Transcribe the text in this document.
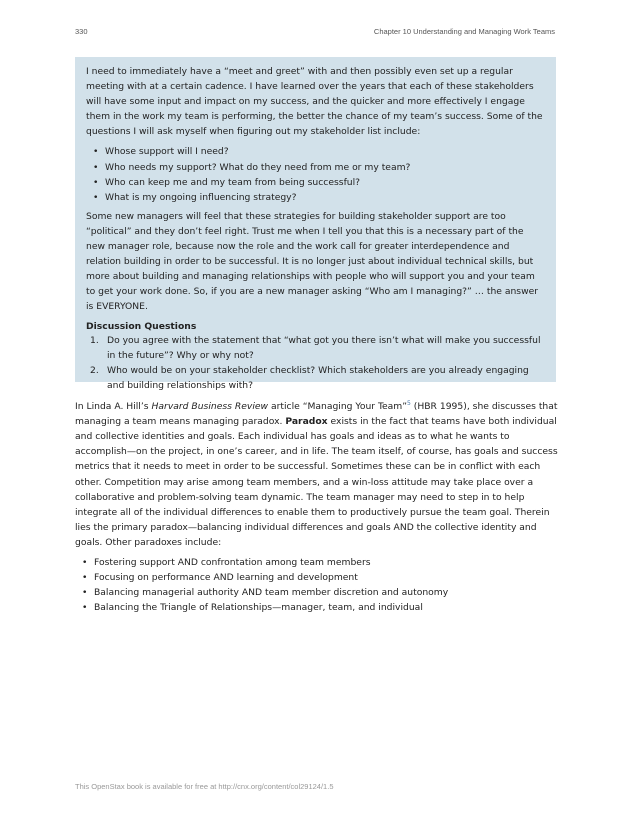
330	Chapter 10 Understanding and Managing Work Teams

I need to immediately have a “meet and greet” with and then possibly even set up a regular meeting with at a certain cadence. I have learned over the years that each of these stakeholders will have some input and impact on my success, and the quicker and more effectively I engage them in the work my team is performing, the better the chance of my team’s success. Some of the questions I will ask myself when figuring out my stakeholder list include:

• Whose support will I need?
• Who needs my support? What do they need from me or my team?
• Who can keep me and my team from being successful?
• What is my ongoing influencing strategy?

Some new managers will feel that these strategies for building stakeholder support are too “political” and they don’t feel right. Trust me when I tell you that this is a necessary part of the new manager role, because now the role and the work call for greater interdependence and relation building in order to be successful. It is no longer just about individual technical skills, but more about building and managing relationships with people who will support you and your team to get your work done. So, if you are a new manager asking “Who am I managing?” … the answer is EVERYONE.

Discussion Questions

1. Do you agree with the statement that “what got you there isn’t what will make you successful in the future”? Why or why not?
2. Who would be on your stakeholder checklist? Which stakeholders are you already engaging and building relationships with?

In Linda A. Hill’s Harvard Business Review article “Managing Your Team”$^5$ (HBR 1995), she discusses that managing a team means managing paradox. Paradox exists in the fact that teams have both individual and collective identities and goals. Each individual has goals and ideas as to what he wants to accomplish—on the project, in one’s career, and in life. The team itself, of course, has goals and success metrics that it needs to meet in order to be successful. Sometimes these can be in conflict with each other. Competition may arise among team members, and a win-loss attitude may take place over a collaborative and problem-solving team dynamic. The team manager may need to step in to help integrate all of the individual differences to enable them to productively pursue the team goal. Therein lies the primary paradox—balancing individual differences and goals AND the collective identity and goals. Other paradoxes include:

• Fostering support AND confrontation among team members
• Focusing on performance AND learning and development
• Balancing managerial authority AND team member discretion and autonomy
• Balancing the Triangle of Relationships—manager, team, and individual
This OpenStax book is available for free at http://cnx.org/content/col29124/1.5
